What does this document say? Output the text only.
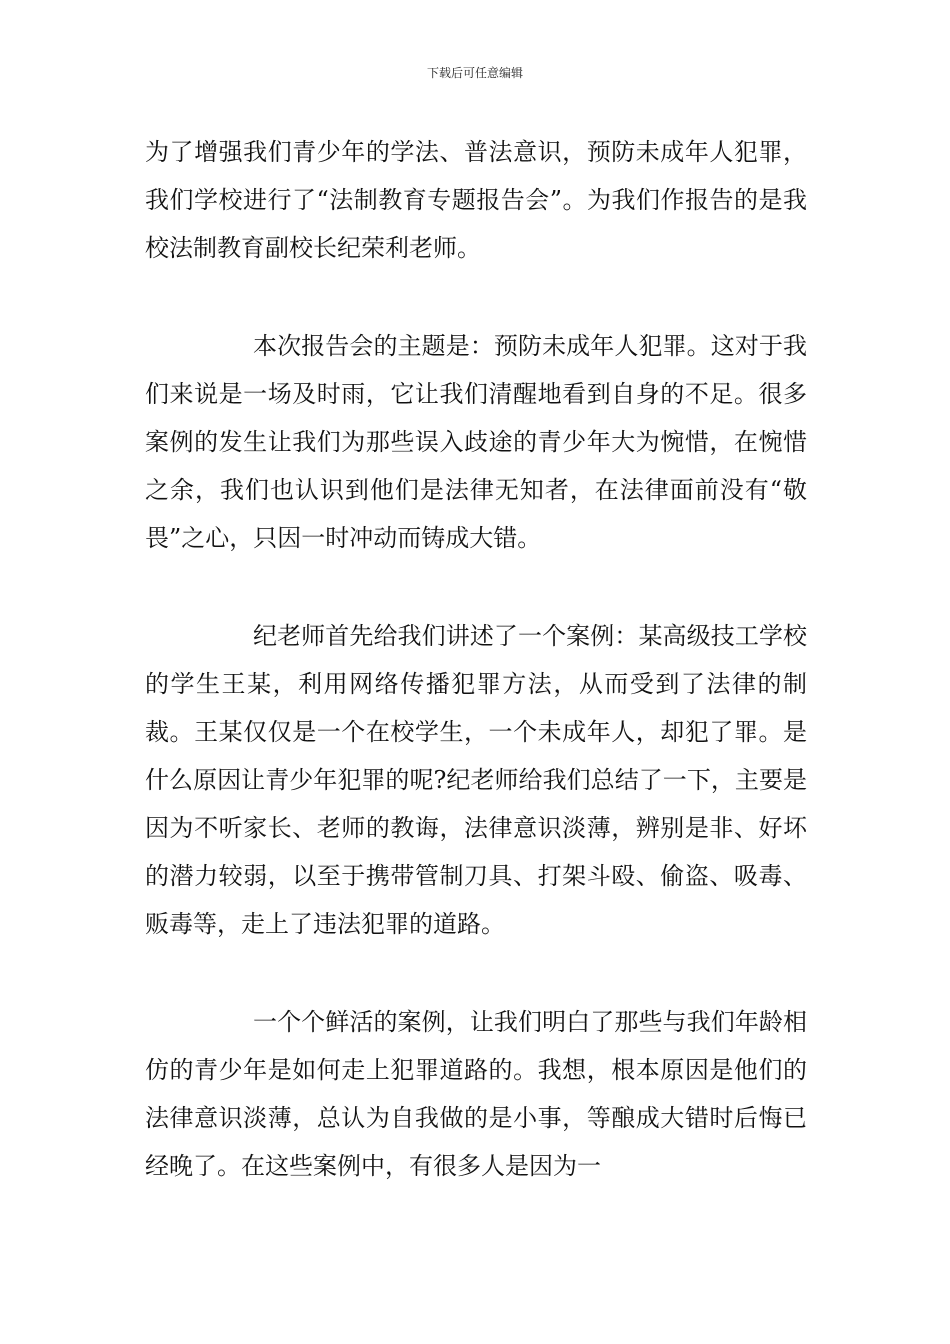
下载后可任意编辑

为了增强我们青少年的学法、普法意识，预防未成年人犯罪，我们学校进行了“法制教育专题报告会”。为我们作报告的是我校法制教育副校长纪荣利老师。

本次报告会的主题是：预防未成年人犯罪。这对于我们来说是一场及时雨，它让我们清醒地看到自身的不足。很多案例的发生让我们为那些误入歧途的青少年大为惋惜，在惋惜之余，我们也认识到他们是法律无知者，在法律面前没有“敬畏”之心，只因一时冲动而铸成大错。

纪老师首先给我们讲述了一个案例：某高级技工学校的学生王某，利用网络传播犯罪方法，从而受到了法律的制裁。王某仅仅是一个在校学生，一个未成年人，却犯了罪。是什么原因让青少年犯罪的呢?纪老师给我们总结了一下，主要是因为不听家长、老师的教诲，法律意识淡薄，辨别是非、好坏的潜力较弱，以至于携带管制刀具、打架斗殴、偷盗、吸毒、贩毒等，走上了违法犯罪的道路。

一个个鲜活的案例，让我们明白了那些与我们年龄相仿的青少年是如何走上犯罪道路的。我想，根本原因是他们的法律意识淡薄，总认为自我做的是小事，等酿成大错时后悔已经晚了。在这些案例中，有很多人是因为一
